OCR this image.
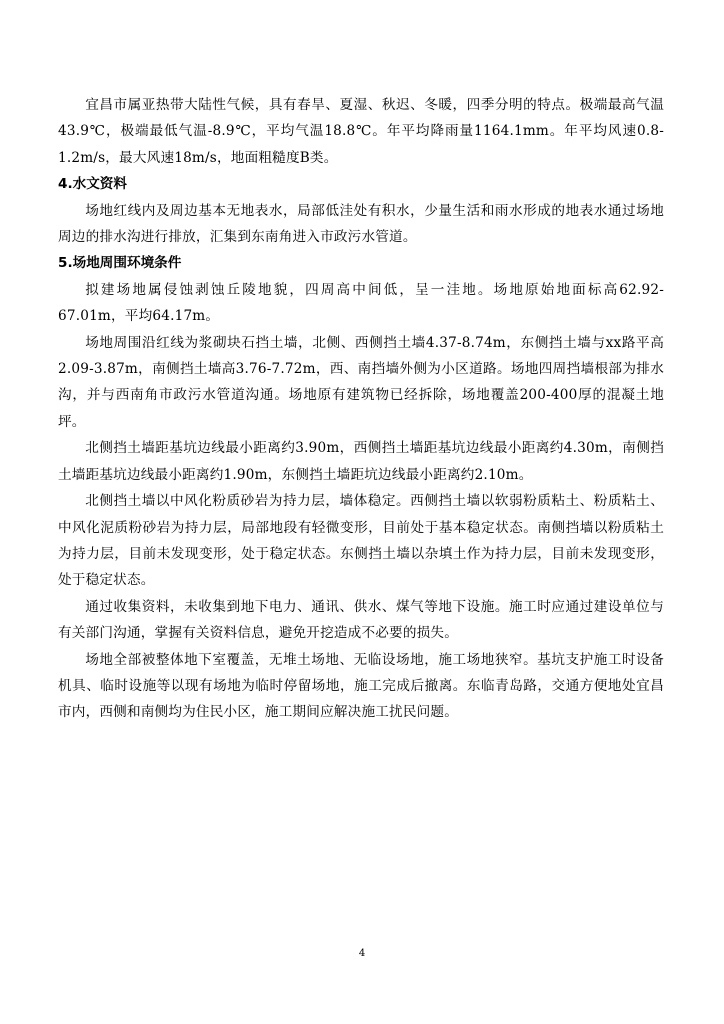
宜昌市属亚热带大陆性气候，具有春旱、夏湿、秋迟、冬暖，四季分明的特点。极端最高气温43.9℃，极端最低气温-8.9℃，平均气温18.8℃。年平均降雨量1164.1mm。年平均风速0.8-1.2m/s，最大风速18m/s，地面粗糙度B类。

4.水文资料

场地红线内及周边基本无地表水，局部低洼处有积水，少量生活和雨水形成的地表水通过场地周边的排水沟进行排放，汇集到东南角进入市政污水管道。

5.场地周围环境条件

拟建场地属侵蚀剥蚀丘陵地貌，四周高中间低，呈一洼地。场地原始地面标高62.92-67.01m，平均64.17m。

场地周围沿红线为浆砌块石挡土墙，北侧、西侧挡土墙4.37-8.74m，东侧挡土墙与xx路平高2.09-3.87m，南侧挡土墙高3.76-7.72m，西、南挡墙外侧为小区道路。场地四周挡墙根部为排水沟，并与西南角市政污水管道沟通。场地原有建筑物已经拆除，场地覆盖200-400厚的混凝土地坪。

北侧挡土墙距基坑边线最小距离约3.90m，西侧挡土墙距基坑边线最小距离约4.30m，南侧挡土墙距基坑边线最小距离约1.90m，东侧挡土墙距坑边线最小距离约2.10m。

北侧挡土墙以中风化粉质砂岩为持力层，墙体稳定。西侧挡土墙以软弱粉质粘土、粉质粘土、中风化泥质粉砂岩为持力层，局部地段有轻微变形，目前处于基本稳定状态。南侧挡墙以粉质粘土为持力层，目前未发现变形，处于稳定状态。东侧挡土墙以杂填土作为持力层，目前未发现变形，处于稳定状态。

通过收集资料，未收集到地下电力、通讯、供水、煤气等地下设施。施工时应通过建设单位与有关部门沟通，掌握有关资料信息，避免开挖造成不必要的损失。

场地全部被整体地下室覆盖，无堆土场地、无临设场地，施工场地狭窄。基坑支护施工时设备机具、临时设施等以现有场地为临时停留场地，施工完成后撤离。东临青岛路，交通方便地处宜昌市内，西侧和南侧均为住民小区，施工期间应解决施工扰民问题。

4
